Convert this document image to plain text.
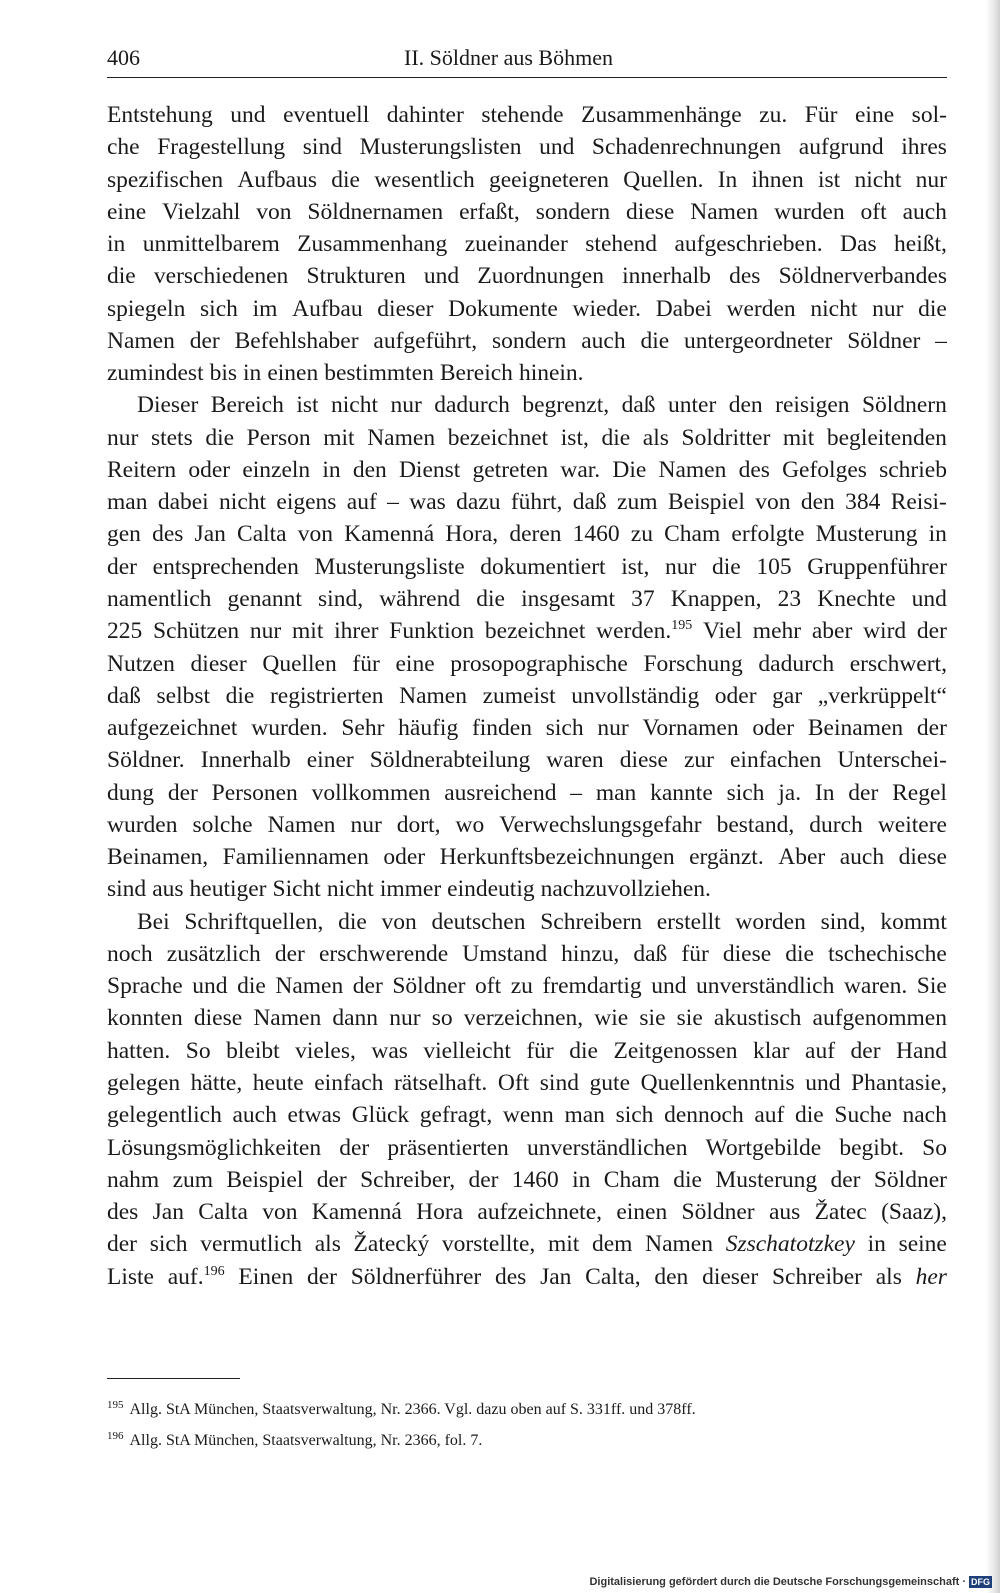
406	II. Söldner aus Böhmen
Entstehung und eventuell dahinter stehende Zusammenhänge zu. Für eine sol-
che Fragestellung sind Musterungslisten und Schadenrechnungen aufgrund ihres
spezifischen Aufbaus die wesentlich geeigneteren Quellen. In ihnen ist nicht nur
eine Vielzahl von Söldnernamen erfaßt, sondern diese Namen wurden oft auch
in unmittelbarem Zusammenhang zueinander stehend aufgeschrieben. Das heißt,
die verschiedenen Strukturen und Zuordnungen innerhalb des Söldnerverbandes
spiegeln sich im Aufbau dieser Dokumente wieder. Dabei werden nicht nur die
Namen der Befehlshaber aufgeführt, sondern auch die untergeordneter Söldner –
zumindest bis in einen bestimmten Bereich hinein.
Dieser Bereich ist nicht nur dadurch begrenzt, daß unter den reisigen Söldnern
nur stets die Person mit Namen bezeichnet ist, die als Soldritter mit begleitenden
Reitern oder einzeln in den Dienst getreten war. Die Namen des Gefolges schrieb
man dabei nicht eigens auf – was dazu führt, daß zum Beispiel von den 384 Reisi-
gen des Jan Calta von Kamenná Hora, deren 1460 zu Cham erfolgte Musterung in
der entsprechenden Musterungsliste dokumentiert ist, nur die 105 Gruppenführer
namentlich genannt sind, während die insgesamt 37 Knappen, 23 Knechte und
225 Schützen nur mit ihrer Funktion bezeichnet werden.$^{195}$ Viel mehr aber wird der
Nutzen dieser Quellen für eine prosopographische Forschung dadurch erschwert,
daß selbst die registrierten Namen zumeist unvollständig oder gar „verkrüppelt“
aufgezeichnet wurden. Sehr häufig finden sich nur Vornamen oder Beinamen der
Söldner. Innerhalb einer Söldnerabteilung waren diese zur einfachen Unterschei-
dung der Personen vollkommen ausreichend – man kannte sich ja. In der Regel
wurden solche Namen nur dort, wo Verwechslungsgefahr bestand, durch weitere
Beinamen, Familiennamen oder Herkunftsbezeichnungen ergänzt. Aber auch diese
sind aus heutiger Sicht nicht immer eindeutig nachzuvollziehen.
Bei Schriftquellen, die von deutschen Schreibern erstellt worden sind, kommt
noch zusätzlich der erschwerende Umstand hinzu, daß für diese die tschechische
Sprache und die Namen der Söldner oft zu fremdartig und unverständlich waren. Sie
konnten diese Namen dann nur so verzeichnen, wie sie sie akustisch aufgenommen
hatten. So bleibt vieles, was vielleicht für die Zeitgenossen klar auf der Hand
gelegen hätte, heute einfach rätselhaft. Oft sind gute Quellenkenntnis und Phantasie,
gelegentlich auch etwas Glück gefragt, wenn man sich dennoch auf die Suche nach
Lösungsmöglichkeiten der präsentierten unverständlichen Wortgebilde begibt. So
nahm zum Beispiel der Schreiber, der 1460 in Cham die Musterung der Söldner
des Jan Calta von Kamenná Hora aufzeichnete, einen Söldner aus Žatec (Saaz),
der sich vermutlich als Žatecký vorstellte, mit dem Namen Szschatotzkey in seine
Liste auf.$^{196}$ Einen der Söldnerführer des Jan Calta, den dieser Schreiber als her
$^{195}$ Allg. StA München, Staatsverwaltung, Nr. 2366. Vgl. dazu oben auf S. 331ff. und 378ff.
$^{196}$ Allg. StA München, Staatsverwaltung, Nr. 2366, fol. 7.
Digitalisierung gefördert durch die Deutsche Forschungsgemeinschaft · DFG
